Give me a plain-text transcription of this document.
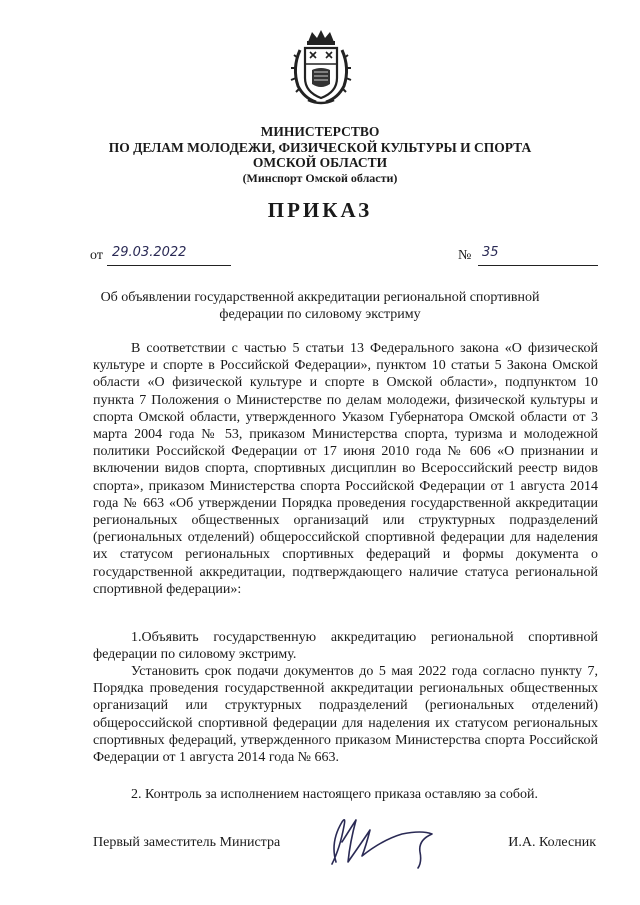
МИНИСТЕРСТВО
ПО ДЕЛАМ МОЛОДЕЖИ, ФИЗИЧЕСКОЙ КУЛЬТУРЫ И СПОРТА
ОМСКОЙ ОБЛАСТИ
(Минспорт Омской области)
ПРИКАЗ
от 29.03.2022	№ 35
Об объявлении государственной аккредитации региональной спортивной федерации по силовому экстриму
В соответствии с частью 5 статьи 13 Федерального закона «О физической культуре и спорте в Российской Федерации», пунктом 10 статьи 5 Закона Омской области «О физической культуре и спорте в Омской области», подпунктом 10 пункта 7 Положения о Министерстве по делам молодежи, физической культуры и спорта Омской области, утвержденного Указом Губернатора Омской области от 3 марта 2004 года № 53, приказом Министерства спорта, туризма и молодежной политики Российской Федерации от 17 июня 2010 года № 606 «О признании и включении видов спорта, спортивных дисциплин во Всероссийский реестр видов спорта», приказом Министерства спорта Российской Федерации от 1 августа 2014 года № 663 «Об утверждении Порядка проведения государственной аккредитации региональных общественных организаций или структурных подразделений (региональных отделений) общероссийской спортивной федерации для наделения их статусом региональных спортивных федераций и формы документа о государственной аккредитации, подтверждающего наличие статуса региональной спортивной федерации»:
1.Объявить государственную аккредитацию региональной спортивной федерации по силовому экстриму.
Установить срок подачи документов до 5 мая 2022 года согласно пункту 7, Порядка проведения государственной аккредитации региональных общественных организаций или структурных подразделений (региональных отделений) общероссийской спортивной федерации для наделения их статусом региональных спортивных федераций, утвержденного приказом Министерства спорта Российской Федерации от 1 августа 2014 года № 663.
2. Контроль за исполнением настоящего приказа оставляю за собой.
Первый заместитель Министра	И.А. Колесник
